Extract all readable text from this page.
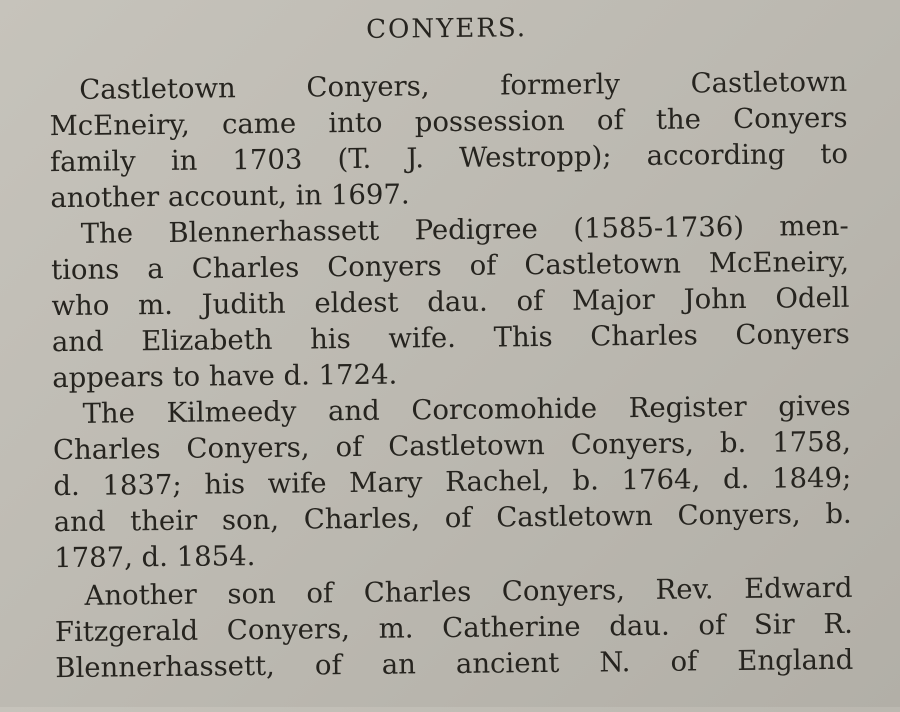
CONYERS.
Castletown Conyers, formerly Castletown
McEneiry, came into possession of the Conyers
family in 1703 (T. J. Westropp); according to
another account, in 1697.
The Blennerhassett Pedigree (1585-1736) men-
tions a Charles Conyers of Castletown McEneiry,
who m. Judith eldest dau. of Major John Odell
and Elizabeth his wife. This Charles Conyers
appears to have d. 1724.
The Kilmeedy and Corcomohide Register gives
Charles Conyers, of Castletown Conyers, b. 1758,
d. 1837; his wife Mary Rachel, b. 1764, d. 1849;
and their son, Charles, of Castletown Conyers, b.
1787, d. 1854.
Another son of Charles Conyers, Rev. Edward
Fitzgerald Conyers, m. Catherine dau. of Sir R.
Blennerhassett, of an ancient N. of England
